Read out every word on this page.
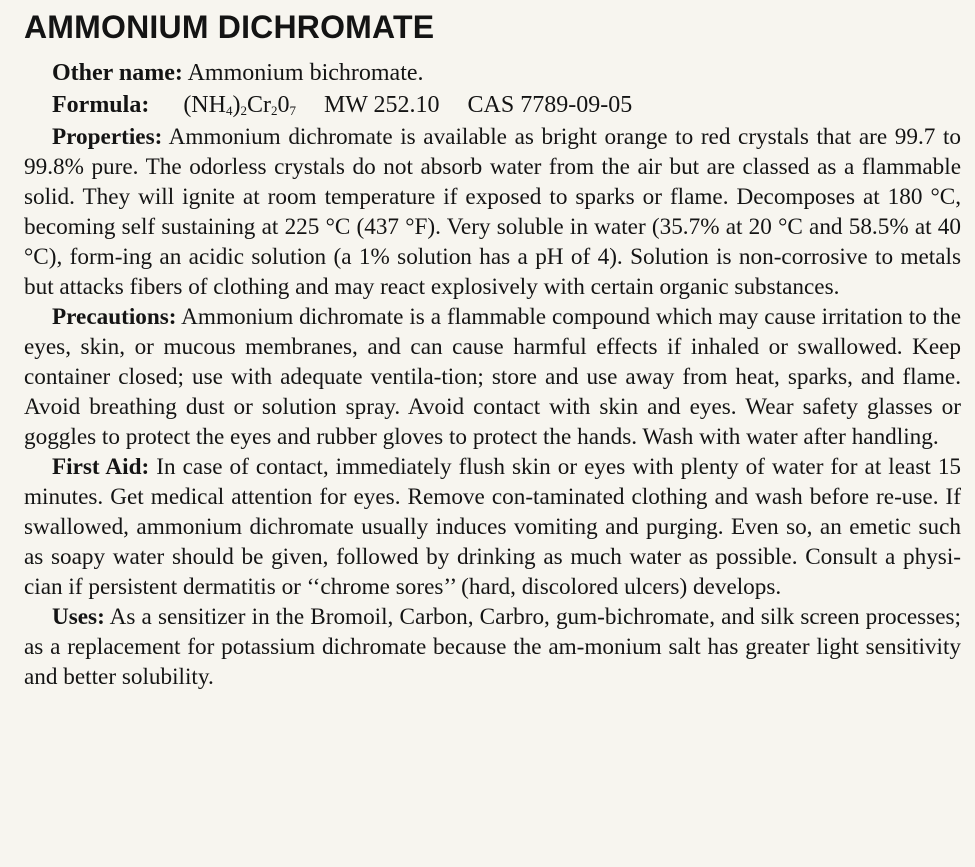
AMMONIUM DICHROMATE

Other name: Ammonium bichromate.

Formula: $(NH_4)_2Cr_20_7$ MW 252.10 CAS 7789-09-05

Properties: Ammonium dichromate is available as bright orange to red crystals that are 99.7 to 99.8% pure. The odorless crystals do not absorb water from the air but are classed as a flammable solid. They will ignite at room temperature if exposed to sparks or flame. Decomposes at 180 °C, becoming self sustaining at 225 °C (437 °F). Very soluble in water (35.7% at 20 °C and 58.5% at 40 °C), form-ing an acidic solution (a 1% solution has a pH of 4). Solution is non-corrosive to metals but attacks fibers of clothing and may react explosively with certain organic substances.

Precautions: Ammonium dichromate is a flammable compound which may cause irritation to the eyes, skin, or mucous membranes, and can cause harmful effects if inhaled or swallowed. Keep container closed; use with adequate ventila-tion; store and use away from heat, sparks, and flame. Avoid breathing dust or solution spray. Avoid contact with skin and eyes. Wear safety glasses or goggles to protect the eyes and rubber gloves to protect the hands. Wash with water after handling.

First Aid: In case of contact, immediately flush skin or eyes with plenty of water for at least 15 minutes. Get medical attention for eyes. Remove con-taminated clothing and wash before re-use. If swallowed, ammonium dichromate usually induces vomiting and purging. Even so, an emetic such as soapy water should be given, followed by drinking as much water as possible. Consult a physi-cian if persistent dermatitis or ‘‘chrome sores’’ (hard, discolored ulcers) develops.

Uses: As a sensitizer in the Bromoil, Carbon, Carbro, gum-bichromate, and silk screen processes; as a replacement for potassium dichromate because the am-monium salt has greater light sensitivity and better solubility.
